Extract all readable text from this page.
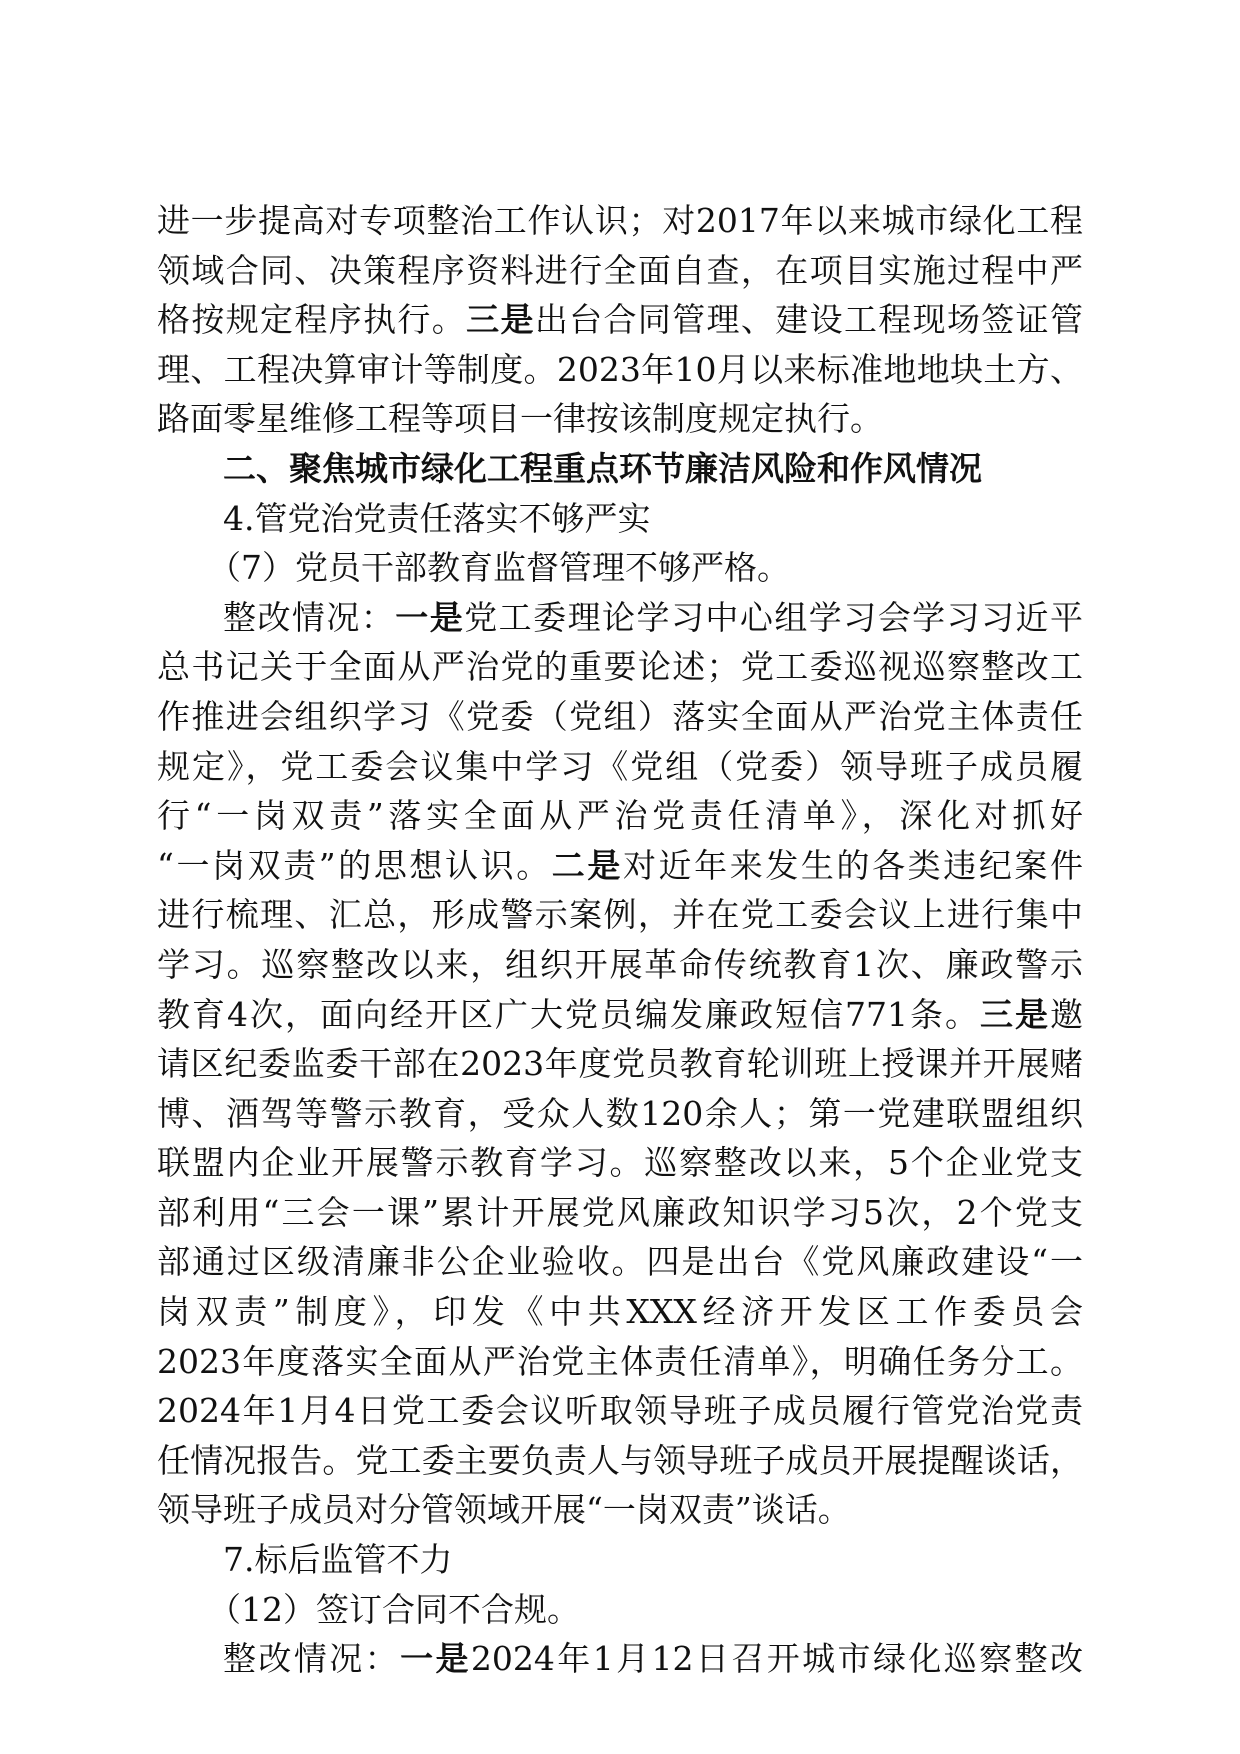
进一步提高对专项整治工作认识；对2017年以来城市绿化工程
领域合同、决策程序资料进行全面自查，在项目实施过程中严
格按规定程序执行。三是出台合同管理、建设工程现场签证管
理、工程决算审计等制度。2023年10月以来标准地地块土方、
路面零星维修工程等项目一律按该制度规定执行。
二、聚焦城市绿化工程重点环节廉洁风险和作风情况
4.管党治党责任落实不够严实
（7）党员干部教育监督管理不够严格。
整改情况：一是党工委理论学习中心组学习会学习习近平
总书记关于全面从严治党的重要论述；党工委巡视巡察整改工
作推进会组织学习《党委（党组）落实全面从严治党主体责任
规定》，党工委会议集中学习《党组（党委）领导班子成员履
行“一岗双责”落实全面从严治党责任清单》，深化对抓好
“一岗双责”的思想认识。二是对近年来发生的各类违纪案件
进行梳理、汇总，形成警示案例，并在党工委会议上进行集中
学习。巡察整改以来，组织开展革命传统教育1次、廉政警示
教育4次，面向经开区广大党员编发廉政短信771条。三是邀
请区纪委监委干部在2023年度党员教育轮训班上授课并开展赌
博、酒驾等警示教育，受众人数120余人；第一党建联盟组织
联盟内企业开展警示教育学习。巡察整改以来，5个企业党支
部利用“三会一课”累计开展党风廉政知识学习5次，2个党支
部通过区级清廉非公企业验收。四是出台《党风廉政建设“一
岗双责”制度》，印发《中共XXX经济开发区工作委员会
2023年度落实全面从严治党主体责任清单》，明确任务分工。
2024年1月4日党工委会议听取领导班子成员履行管党治党责
任情况报告。党工委主要负责人与领导班子成员开展提醒谈话，
领导班子成员对分管领域开展“一岗双责”谈话。
7.标后监管不力
（12）签订合同不合规。
整改情况：一是2024年1月12日召开城市绿化巡察整改
